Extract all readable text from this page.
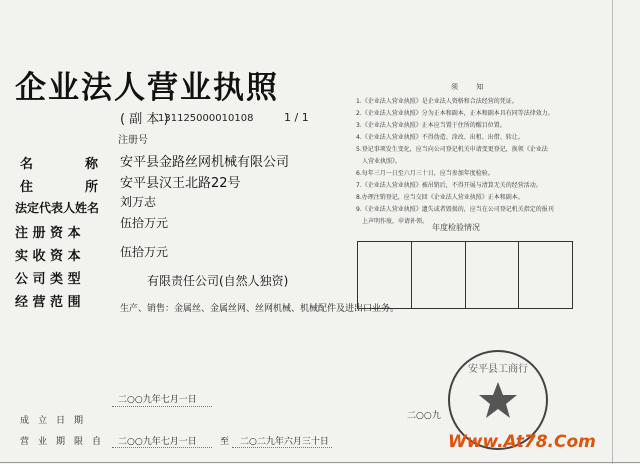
企业法人营业执照
( 副 本 )
131125000010108	1 / 1
注册号
名　　　　称
住　　　　所
法定代表人姓名
注 册 资 本
实 收 资 本
公 司 类 型
经 营 范 围
安平县金路丝网机械有限公司
安平县汉王北路22号
刘万志
伍拾万元
伍拾万元
有限责任公司(自然人独资)
生产、销售：金属丝、金属丝网、丝网机械、机械配件及进出口业务。
二○○九年七月一日
成　立　日　期
营　业　期　限　自 二○○九年七月一日	至 二○二九年六月三十日
须 知
1.《企业法人营业执照》是企业法人资格和合法经营的凭证。
2.《企业法人营业执照》分为正本和副本，正本和副本具有同等法律效力。
3.《企业法人营业执照》正本应当置于住所的醒目位置。
4.《企业法人营业执照》不得伪造、涂改、出租、出借、转让。
5.登记事项发生变化，应当向公司登记机关申请变更登记，换领《企业法
　人营业执照》。
6.每年三月一日至六月三十日，应当参加年度检验。
7.《企业法人营业执照》被吊销后，不得开展与清算无关的经营活动。
8.办理注销登记，应当交回《企业法人营业执照》正本和副本。
9.《企业法人营业执照》遗失或者毁损的，应当在公司登记机关指定的报刊
　上声明作废，申请补领。
年度检验情况
二○○九
安平县工商行
Www.At78.Com
